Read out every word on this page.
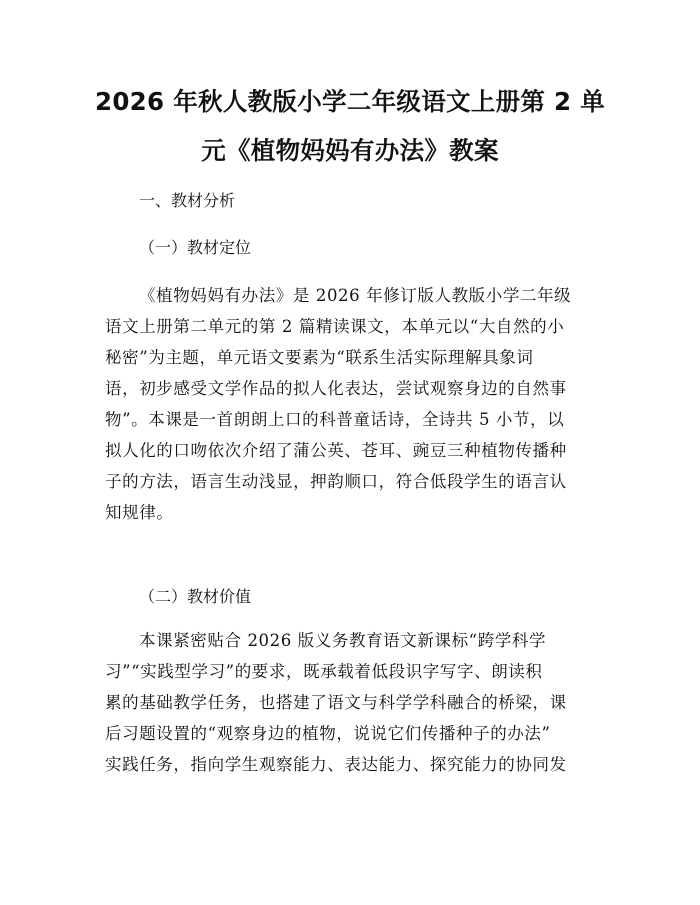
2026 年秋人教版小学二年级语文上册第 2 单
元《植物妈妈有办法》教案
一、教材分析
（一）教材定位
《植物妈妈有办法》是 2026 年修订版人教版小学二年级
语文上册第二单元的第 2 篇精读课文，本单元以“大自然的小
秘密”为主题，单元语文要素为“联系生活实际理解具象词
语，初步感受文学作品的拟人化表达，尝试观察身边的自然事
物”。本课是一首朗朗上口的科普童话诗，全诗共 5 小节，以
拟人化的口吻依次介绍了蒲公英、苍耳、豌豆三种植物传播种
子的方法，语言生动浅显，押韵顺口，符合低段学生的语言认
知规律。
（二）教材价值
本课紧密贴合 2026 版义务教育语文新课标“跨学科学
习”“实践型学习”的要求，既承载着低段识字写字、朗读积
累的基础教学任务，也搭建了语文与科学学科融合的桥梁，课
后习题设置的“观察身边的植物，说说它们传播种子的办法”
实践任务，指向学生观察能力、表达能力、探究能力的协同发
